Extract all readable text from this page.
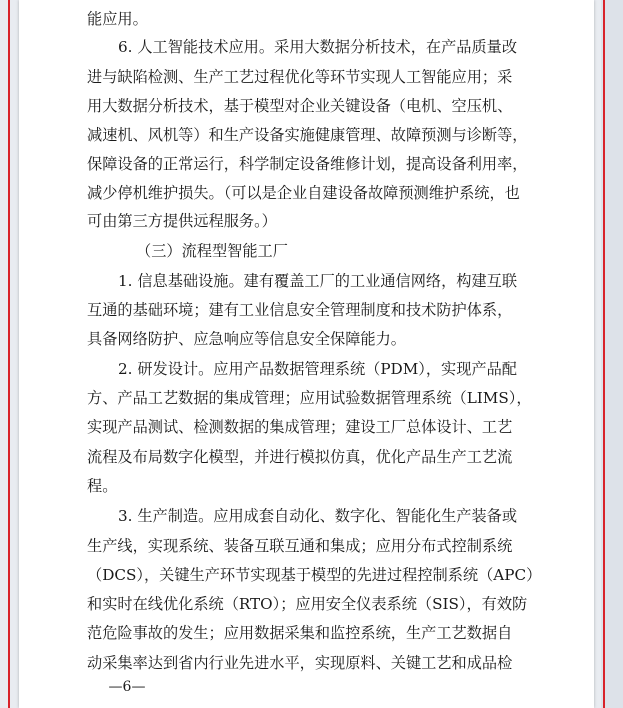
能应用。
6. 人工智能技术应用。采用大数据分析技术，在产品质量改
进与缺陷检测、生产工艺过程优化等环节实现人工智能应用；采
用大数据分析技术，基于模型对企业关键设备（电机、空压机、
减速机、风机等）和生产设备实施健康管理、故障预测与诊断等，
保障设备的正常运行，科学制定设备维修计划，提高设备利用率，
减少停机维护损失。（可以是企业自建设备故障预测维护系统，也
可由第三方提供远程服务。）
（三）流程型智能工厂
1. 信息基础设施。建有覆盖工厂的工业通信网络，构建互联
互通的基础环境；建有工业信息安全管理制度和技术防护体系，
具备网络防护、应急响应等信息安全保障能力。
2. 研发设计。应用产品数据管理系统（PDM），实现产品配
方、产品工艺数据的集成管理；应用试验数据管理系统（LIMS），
实现产品测试、检测数据的集成管理；建设工厂总体设计、工艺
流程及布局数字化模型，并进行模拟仿真，优化产品生产工艺流
程。
3. 生产制造。应用成套自动化、数字化、智能化生产装备或
生产线，实现系统、装备互联互通和集成；应用分布式控制系统
（DCS），关键生产环节实现基于模型的先进过程控制系统（APC）
和实时在线优化系统（RTO）；应用安全仪表系统（SIS），有效防
范危险事故的发生；应用数据采集和监控系统，生产工艺数据自
动采集率达到省内行业先进水平，实现原料、关键工艺和成品检
—6—
